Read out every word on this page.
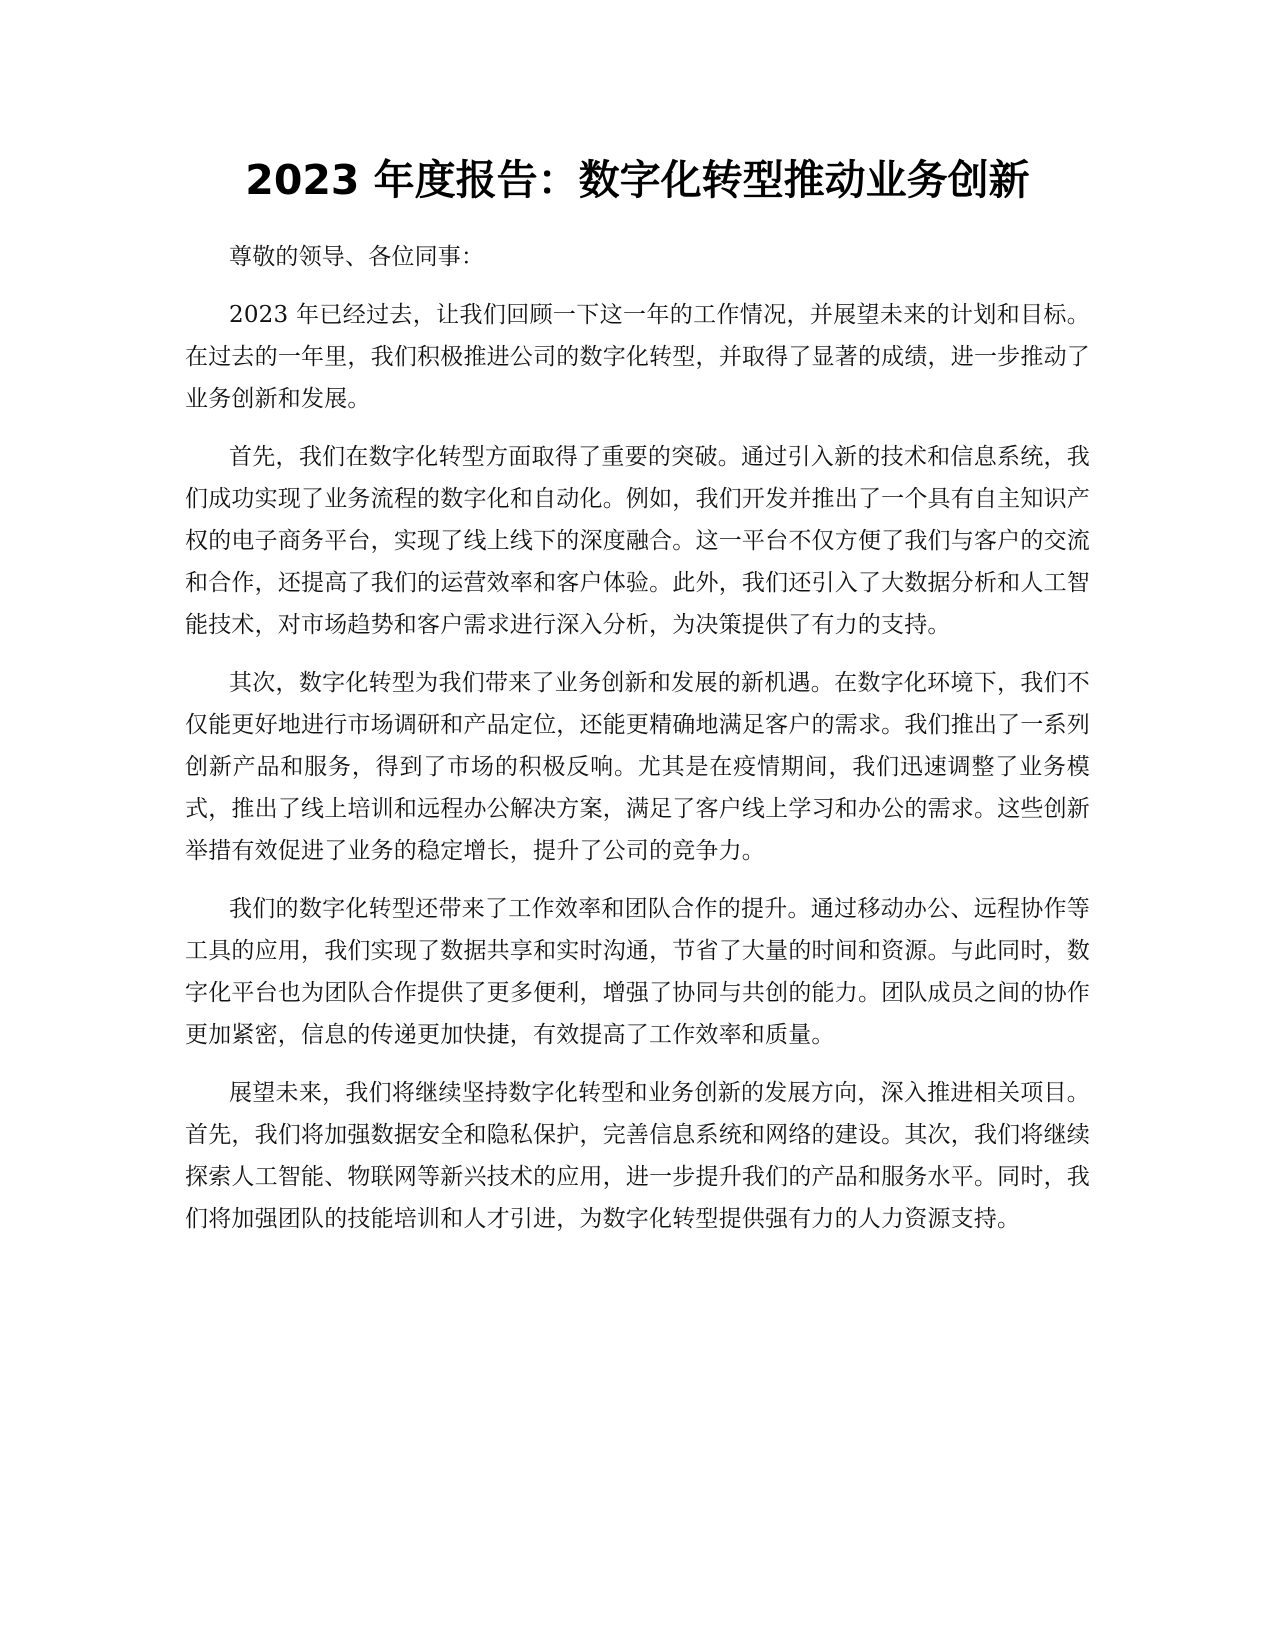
2023 年度报告：数字化转型推动业务创新

尊敬的领导、各位同事：

2023 年已经过去，让我们回顾一下这一年的工作情况，并展望未来的计划和目标。在过去的一年里，我们积极推进公司的数字化转型，并取得了显著的成绩，进一步推动了业务创新和发展。

首先，我们在数字化转型方面取得了重要的突破。通过引入新的技术和信息系统，我们成功实现了业务流程的数字化和自动化。例如，我们开发并推出了一个具有自主知识产权的电子商务平台，实现了线上线下的深度融合。这一平台不仅方便了我们与客户的交流和合作，还提高了我们的运营效率和客户体验。此外，我们还引入了大数据分析和人工智能技术，对市场趋势和客户需求进行深入分析，为决策提供了有力的支持。

其次，数字化转型为我们带来了业务创新和发展的新机遇。在数字化环境下，我们不仅能更好地进行市场调研和产品定位，还能更精确地满足客户的需求。我们推出了一系列创新产品和服务，得到了市场的积极反响。尤其是在疫情期间，我们迅速调整了业务模式，推出了线上培训和远程办公解决方案，满足了客户线上学习和办公的需求。这些创新举措有效促进了业务的稳定增长，提升了公司的竞争力。

我们的数字化转型还带来了工作效率和团队合作的提升。通过移动办公、远程协作等工具的应用，我们实现了数据共享和实时沟通，节省了大量的时间和资源。与此同时，数字化平台也为团队合作提供了更多便利，增强了协同与共创的能力。团队成员之间的协作更加紧密，信息的传递更加快捷，有效提高了工作效率和质量。

展望未来，我们将继续坚持数字化转型和业务创新的发展方向，深入推进相关项目。首先，我们将加强数据安全和隐私保护，完善信息系统和网络的建设。其次，我们将继续探索人工智能、物联网等新兴技术的应用，进一步提升我们的产品和服务水平。同时，我们将加强团队的技能培训和人才引进，为数字化转型提供强有力的人力资源支持。
